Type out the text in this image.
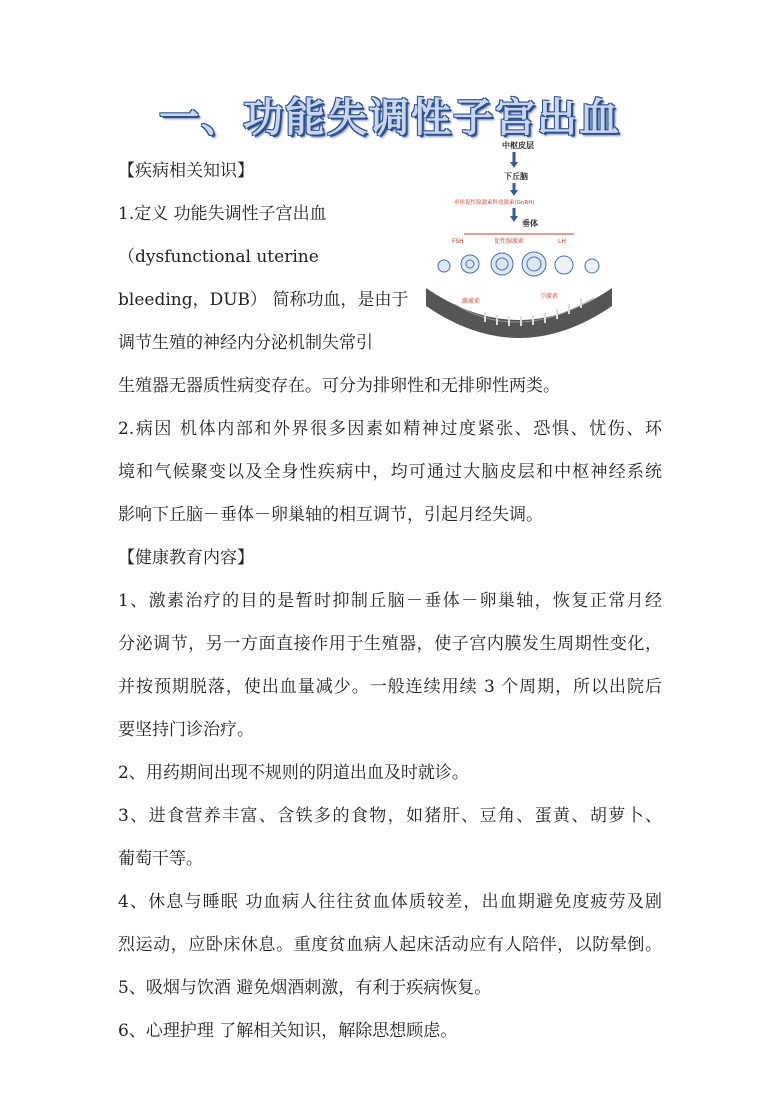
一、功能失调性子宫出血
【疾病相关知识】
1.定义 功能失调性子宫出血
（dysfunctional uterine
bleeding，DUB） 简称功血，是由于
调节生殖的神经内分泌机制失常引
生殖器无器质性病变存在。可分为排卵性和无排卵性两类。
2.病因 机体内部和外界很多因素如精神过度紧张、恐惧、忧伤、环
境和气候聚变以及全身性疾病中，均可通过大脑皮层和中枢神经系统
影响下丘脑－垂体－卵巢轴的相互调节，引起月经失调。
【健康教育内容】
1、激素治疗的目的是暂时抑制丘脑－垂体－卵巢轴，恢复正常月经
分泌调节，另一方面直接作用于生殖器，使子宫内膜发生周期性变化，
并按预期脱落，使出血量减少。一般连续用续 3 个周期，所以出院后
要坚持门诊治疗。
2、用药期间出现不规则的阴道出血及时就诊。
3、进食营养丰富、含铁多的食物，如猪肝、豆角、蛋黄、胡萝卜、
葡萄干等。
4、休息与睡眠 功血病人往往贫血体质较差，出血期避免度疲劳及剧
烈运动，应卧床休息。重度贫血病人起床活动应有人陪伴，以防晕倒。
5、吸烟与饮酒 避免烟酒刺激，有利于疾病恢复。
6、心理护理 了解相关知识，解除思想顾虑。
中枢皮层
下丘脑
垂体促性腺激素释放激素(GnRH)
垂体
FSH	促性腺激素	LH
雌激素
孕激素
